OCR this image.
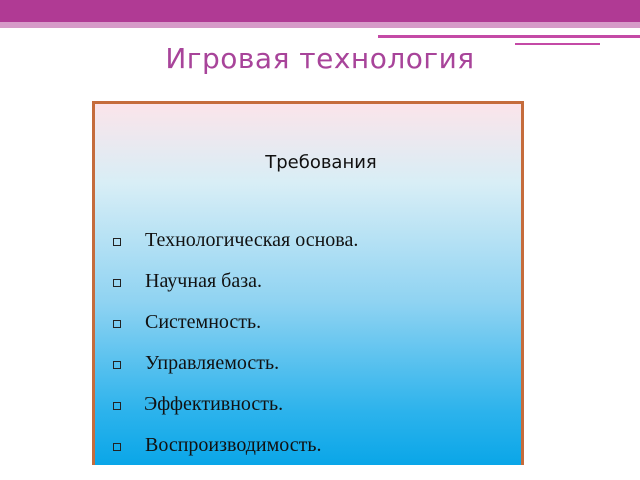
Игровая технология
Требования
Технологическая основа.
Научная база.
Системность.
Управляемость.
Эффективность.
Воспроизводимость.
